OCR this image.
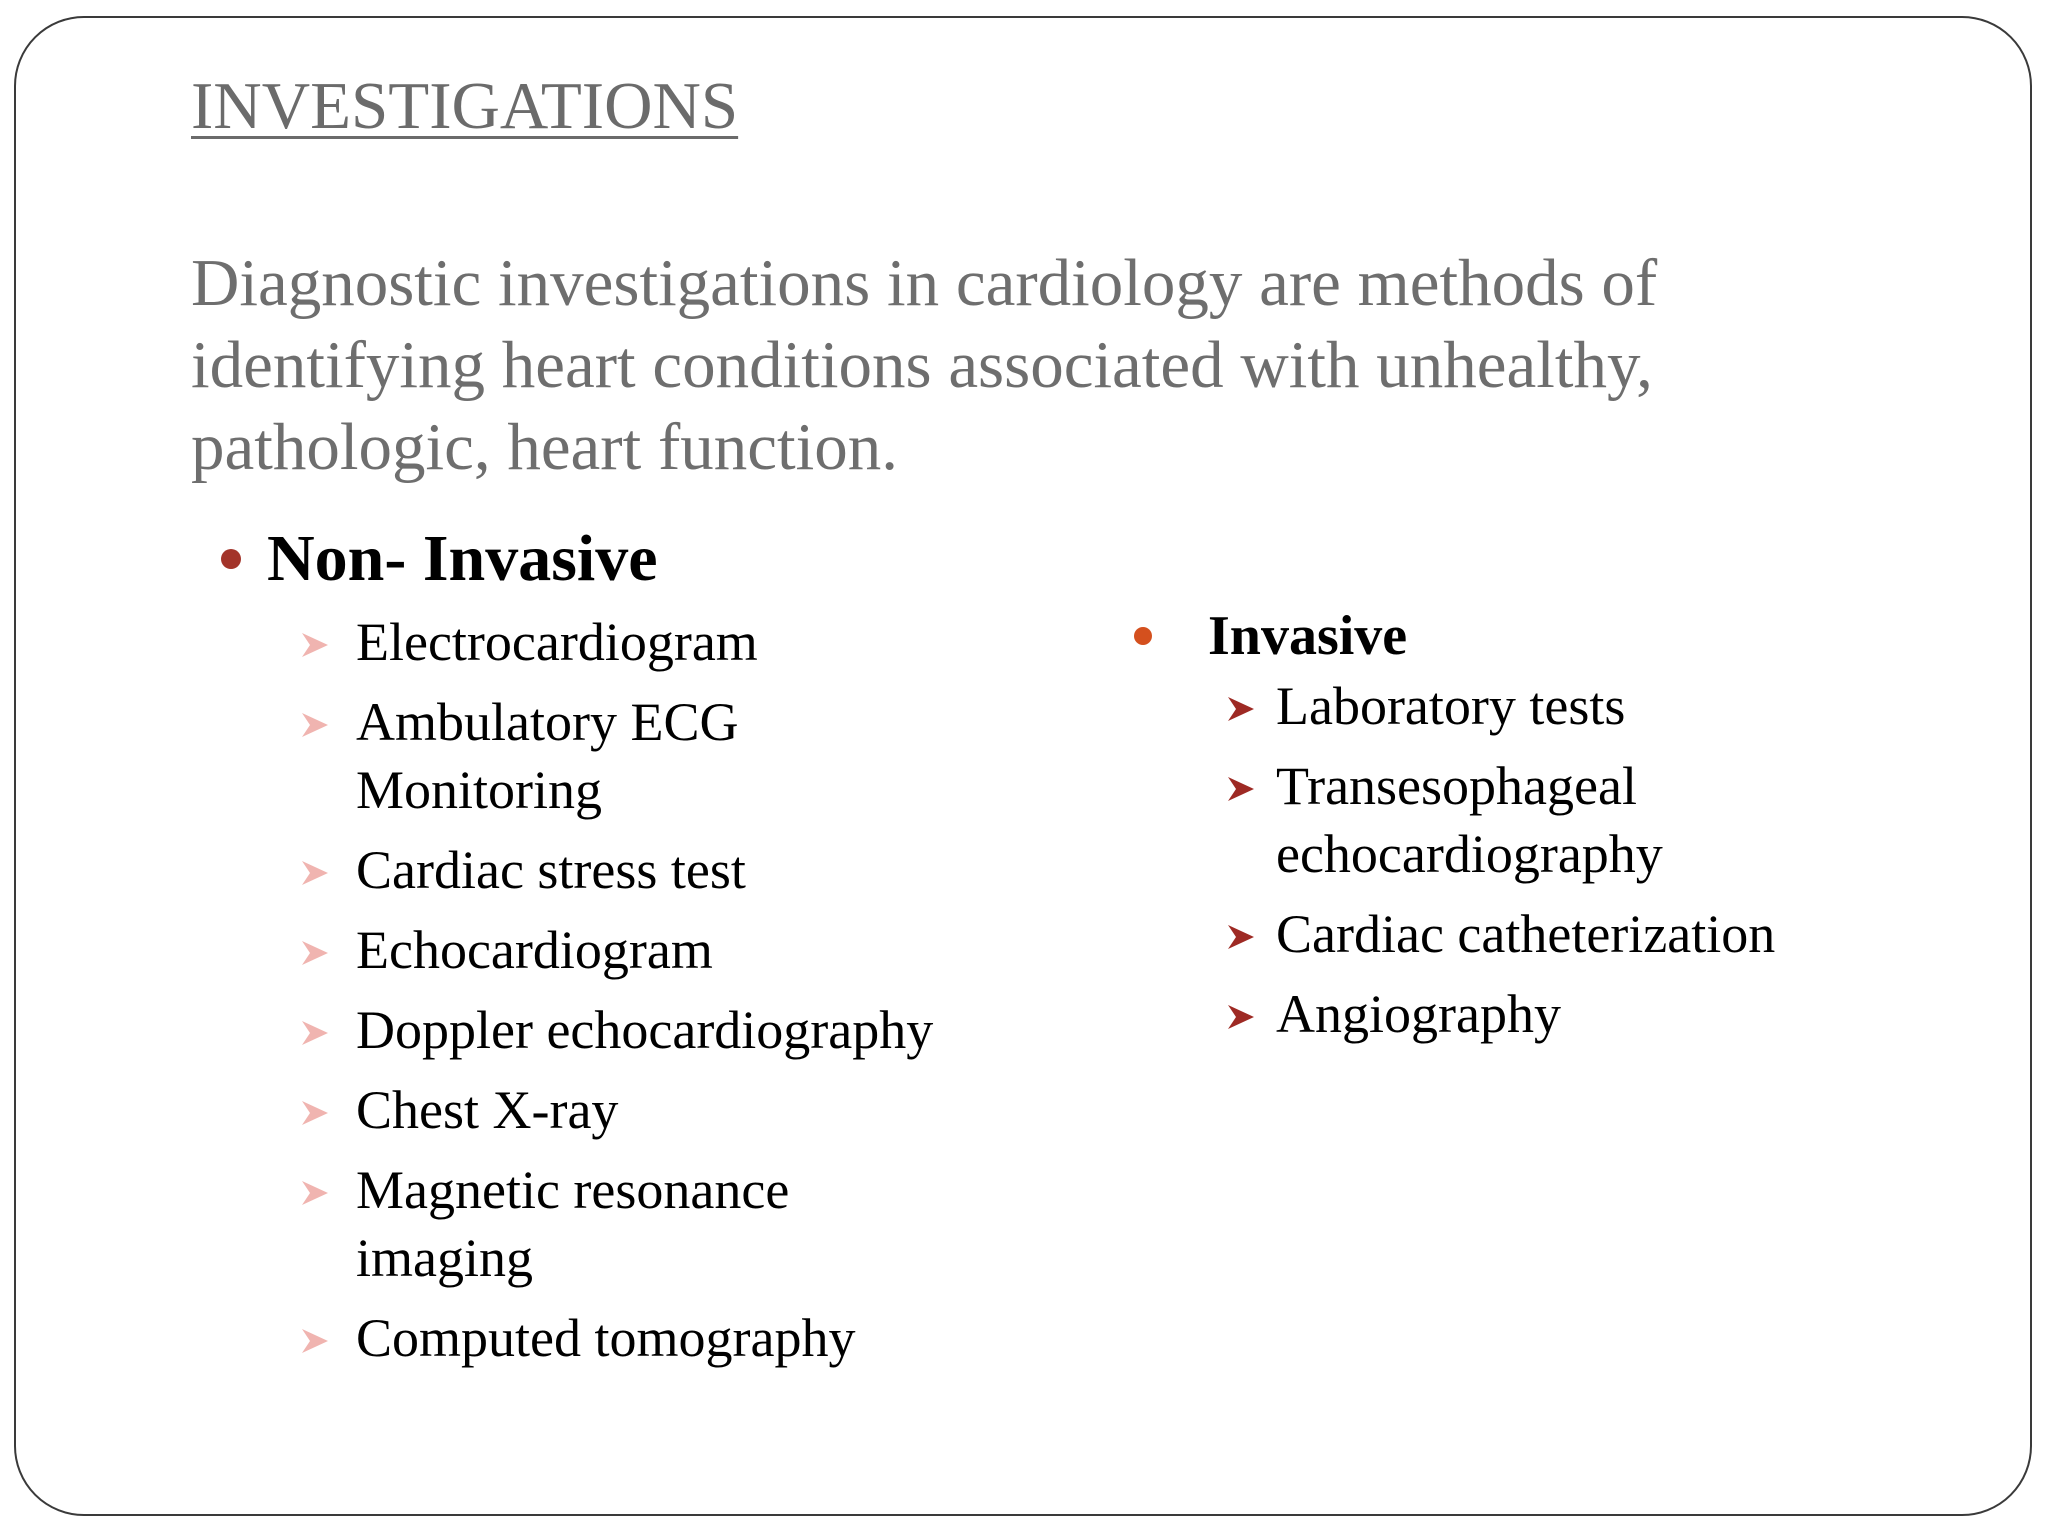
INVESTIGATIONS

Diagnostic investigations in cardiology are methods of identifying heart conditions associated with unhealthy, pathologic, heart function.

Non- Invasive
Electrocardiogram
Ambulatory ECG
Monitoring
Cardiac stress test
Echocardiogram
Doppler echocardiography
Chest X-ray
Magnetic resonance
imaging
Computed tomography
Invasive
Laboratory tests
Transesophageal
echocardiography
Cardiac catheterization
Angiography
